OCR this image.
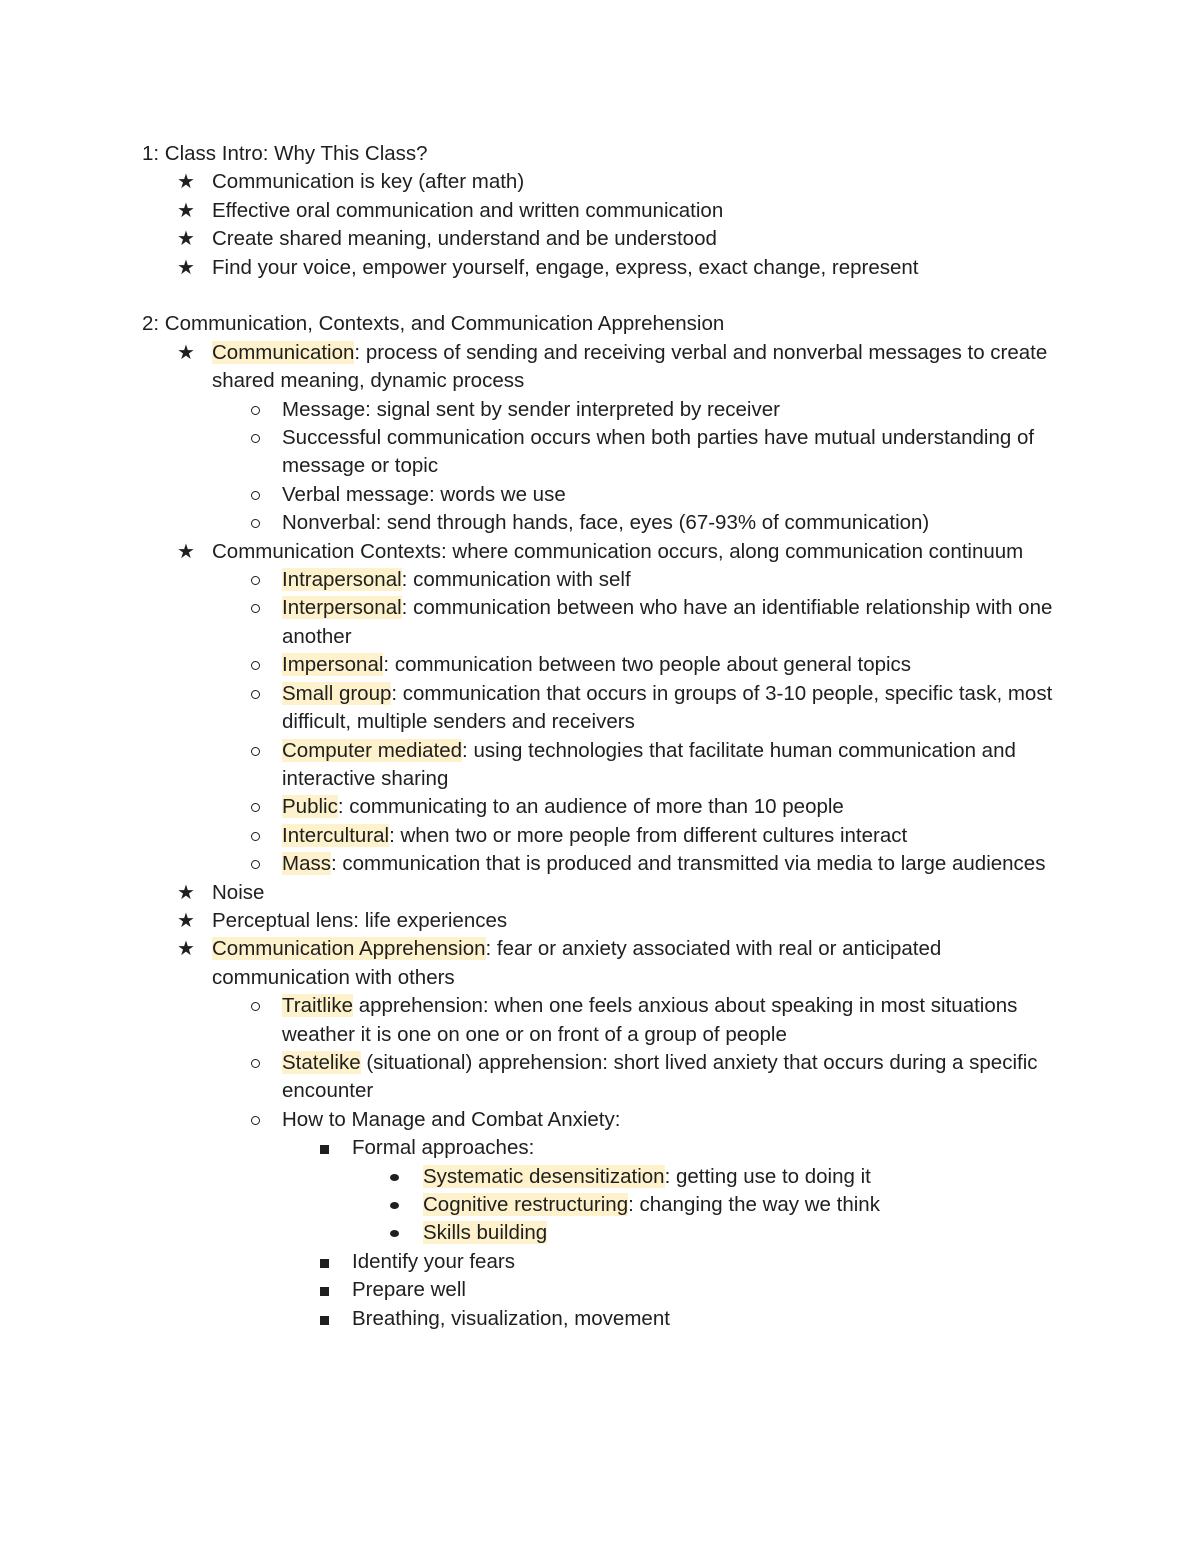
1: Class Intro: Why This Class?

★ Communication is key (after math)
★ Effective oral communication and written communication
★ Create shared meaning, understand and be understood
★ Find your voice, empower yourself, engage, express, exact change, represent

2: Communication, Contexts, and Communication Apprehension

★ Communication: process of sending and receiving verbal and nonverbal messages to create shared meaning, dynamic process
Message: signal sent by sender interpreted by receiver
Successful communication occurs when both parties have mutual understanding of message or topic
Verbal message: words we use
Nonverbal: send through hands, face, eyes (67-93% of communication)
★ Communication Contexts: where communication occurs, along communication continuum
Intrapersonal: communication with self
Interpersonal: communication between who have an identifiable relationship with one another
Impersonal: communication between two people about general topics
Small group: communication that occurs in groups of 3-10 people, specific task, most difficult, multiple senders and receivers
Computer mediated: using technologies that facilitate human communication and interactive sharing
Public: communicating to an audience of more than 10 people
Intercultural: when two or more people from different cultures interact
Mass: communication that is produced and transmitted via media to large audiences
★ Noise
★ Perceptual lens: life experiences
★ Communication Apprehension: fear or anxiety associated with real or anticipated communication with others
Traitlike apprehension: when one feels anxious about speaking in most situations weather it is one on one or on front of a group of people
Statelike (situational) apprehension: short lived anxiety that occurs during a specific encounter
How to Manage and Combat Anxiety:
Formal approaches:
Systematic desensitization: getting use to doing it
Cognitive restructuring: changing the way we think
Skills building
Identify your fears
Prepare well
Breathing, visualization, movement
